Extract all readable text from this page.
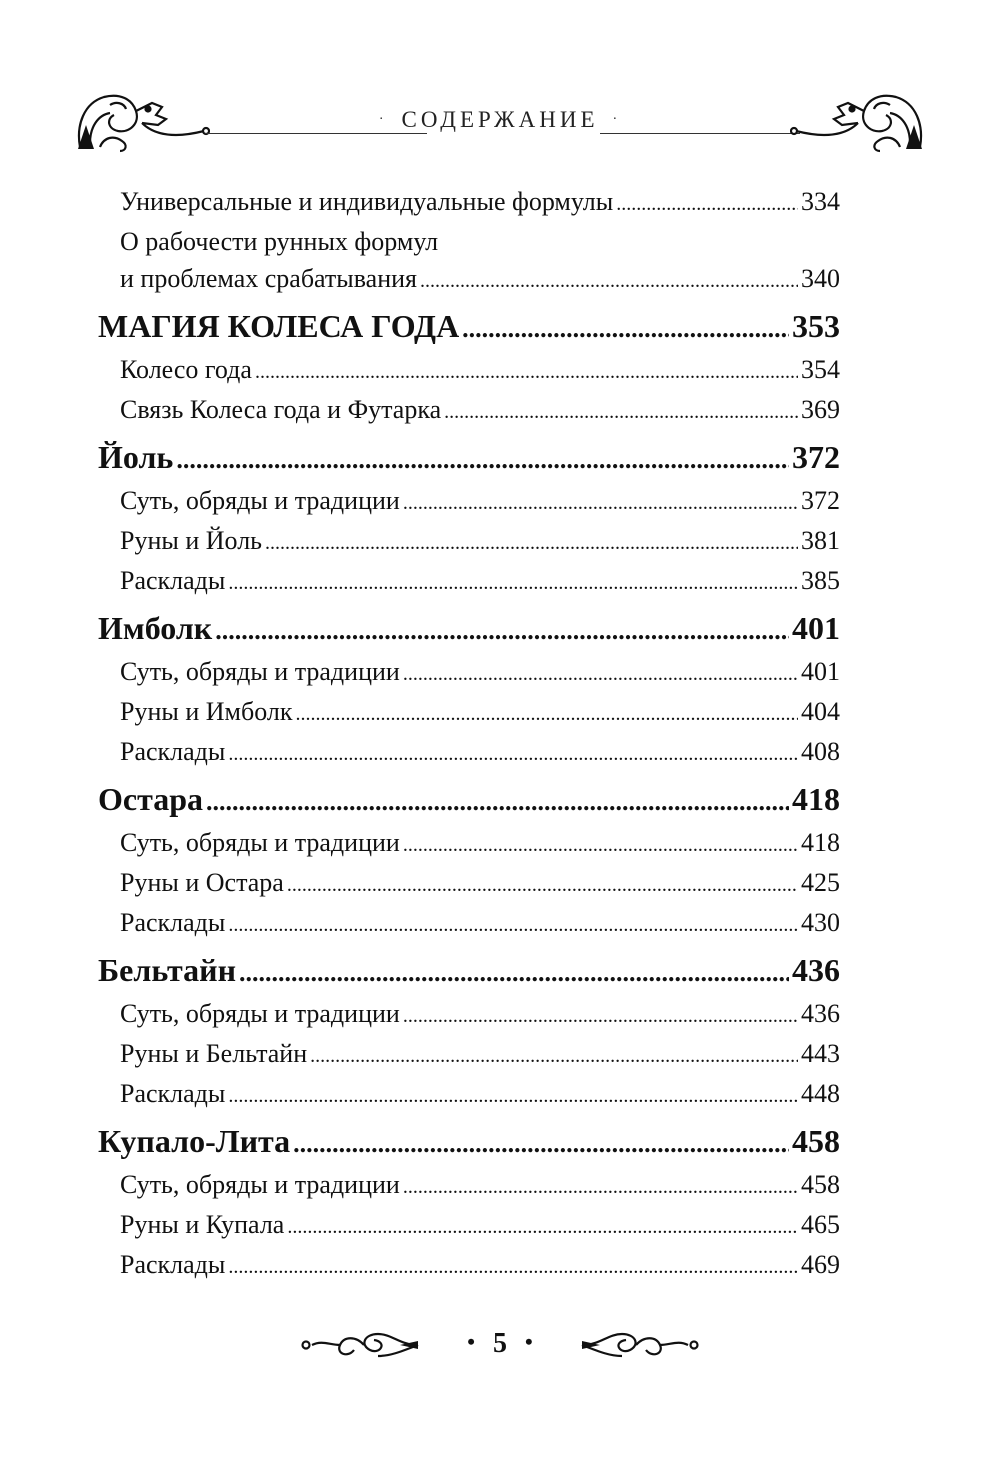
· СОДЕРЖАНИЕ ·
Универсальные и индивидуальные формулы .....	334
О рабочести рунных формул
и проблемах срабатывания .....	340
МАГИЯ КОЛЕСА ГОДА .....	353
Колесо года .....	354
Связь Колеса года и Футарка .....	369
Йоль .....	372
Суть, обряды и традиции .....	372
Руны и Йоль .....	381
Расклады .....	385
Имболк .....	401
Суть, обряды и традиции .....	401
Руны и Имболк .....	404
Расклады .....	408
Остара .....	418
Суть, обряды и традиции .....	418
Руны и Остара .....	425
Расклады .....	430
Бельтайн .....	436
Суть, обряды и традиции .....	436
Руны и Бельтайн .....	443
Расклады .....	448
Купало-Лита .....	458
Суть, обряды и традиции .....	458
Руны и Купала .....	465
Расклады .....	469
• 5 •
